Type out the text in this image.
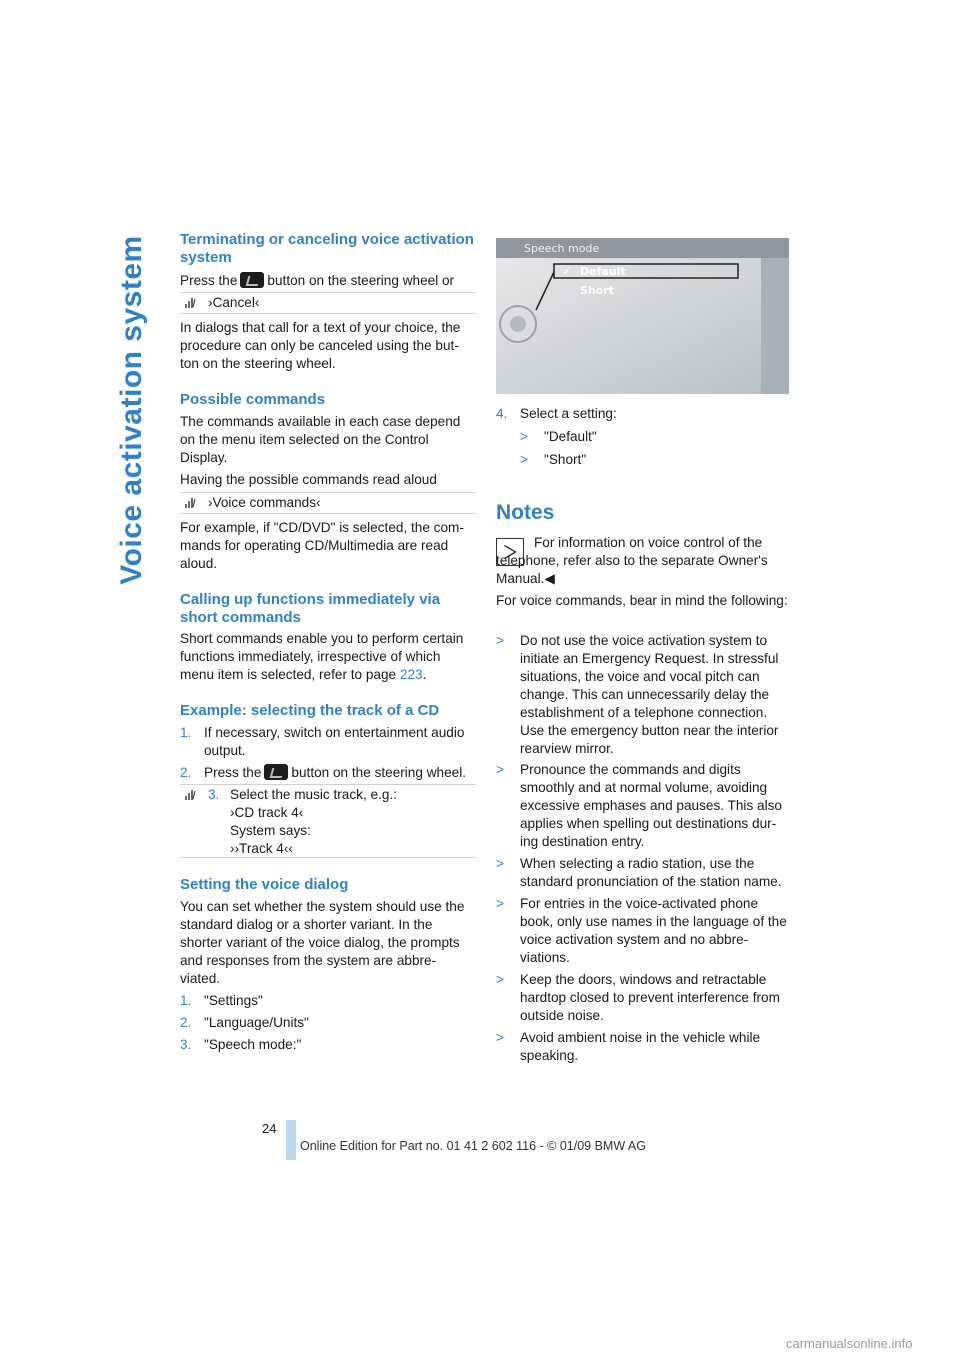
Voice activation system Terminating or canceling voice activation system
Press the button on the steering wheel or
›Cancel‹
In dialogs that call for a text of your choice, the procedure can only be canceled using the but-ton on the steering wheel.
Possible commands
The commands available in each case depend on the menu item selected on the Control Display.
Having the possible commands read aloud
›Voice commands‹
For example, if "CD/DVD" is selected, the com-mands for operating CD/Multimedia are read aloud.
Calling up functions immediately via short commands
Short commands enable you to perform certain functions immediately, irrespective of which menu item is selected, refer to page 223.
Example: selecting the track of a CD
1. If necessary, switch on entertainment audio output.
2. Press the button on the steering wheel.
3. Select the music track, e.g.:
›CD track 4‹
System says:
››Track 4‹‹
Setting the voice dialog
You can set whether the system should use the standard dialog or a shorter variant. In the shorter variant of the voice dialog, the prompts and responses from the system are abbre-viated.
1. "Settings"
2. "Language/Units"
3. "Speech mode:"
Speech mode
✓ Default
Short
4. Select a setting:
> "Default"
> "Short"
Notes
For information on voice control of the telephone, refer also to the separate Owner's Manual.◀
For voice commands, bear in mind the following:
> Do not use the voice activation system to initiate an Emergency Request. In stressful situations, the voice and vocal pitch can change. This can unnecessarily delay the establishment of a telephone connection. Use the emergency button near the interior rearview mirror.
> Pronounce the commands and digits smoothly and at normal volume, avoiding excessive emphases and pauses. This also applies when spelling out destinations dur-ing destination entry.
> When selecting a radio station, use the standard pronunciation of the station name.
> For entries in the voice-activated phone book, only use names in the language of the voice activation system and no abbre-viations.
> Keep the doors, windows and retractable hardtop closed to prevent interference from outside noise.
> Avoid ambient noise in the vehicle while speaking.
24
Online Edition for Part no. 01 41 2 602 116 - © 01/09 BMW AG
carmanualsonline.info
